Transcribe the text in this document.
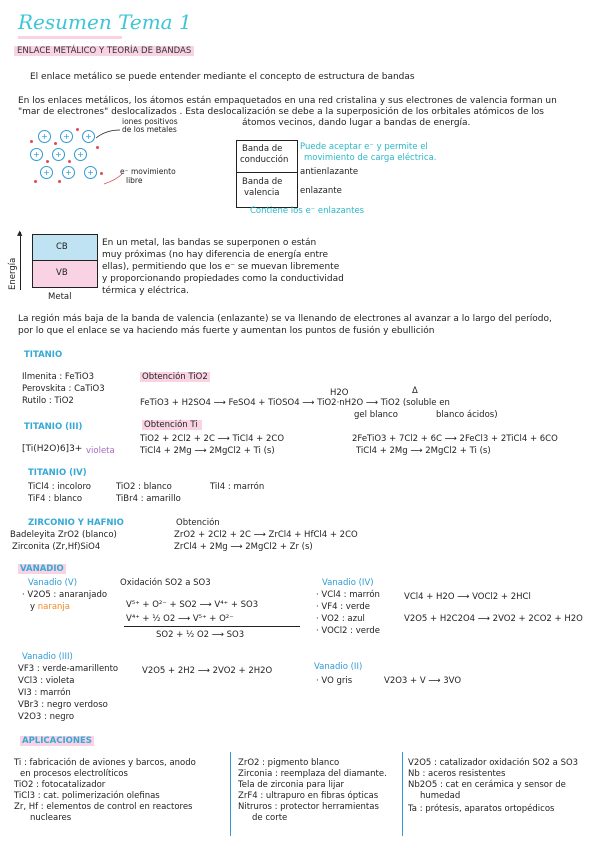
Resumen Tema 1
ENLACE METÁLICO Y TEORÍA DE BANDAS
El enlace metálico se puede entender mediante el concepto de estructura de bandas
En los enlaces metálicos, los átomos están empaquetados en una red cristalina y sus electrones de valencia forman un
"mar de electrones" deslocalizados . Esta deslocalización se debe a la superposición de los orbitales atómicos de los
átomos vecinos, dando lugar a bandas de energía.
+	+	+
+	+	+
+	+	+
iones positivos
de los metales
e⁻ movimiento
libre
Banda de
conducción
Banda de
valencia
Puede aceptar e⁻ y permite el
movimiento de carga eléctrica.
antienlazante
enlazante
Contiene los e⁻ enlazantes
▲
Energía
CB
VB
Metal
En un metal, las bandas se superponen o están
muy próximas (no hay diferencia de energía entre
ellas), permitiendo que los e⁻ se muevan libremente
y proporcionando propiedades como la conductividad
térmica y eléctrica.
La región más baja de la banda de valencia (enlazante) se va llenando de electrones al avanzar a lo largo del período,
por lo que el enlace se va haciendo más fuerte y aumentan los puntos de fusión y ebullición
TITANIO
Ilmenita : FeTiO3
Perovskita : CaTiO3
Rutilo : TiO2
Obtención TiO2
H2O	Δ
FeTiO3 + H2SO4 ⟶ FeSO4 + TiOSO4 ⟶ TiO2·nH2O ⟶ TiO2 (soluble en
gel blanco	blanco ácidos)
TITANIO (III)	Obtención Ti
[Ti(H2O)6]3+ violeta
TiO2 + 2Cl2 + 2C ⟶ TiCl4 + 2CO
TiCl4 + 2Mg ⟶ 2MgCl2 + Ti (s)
2FeTiO3 + 7Cl2 + 6C ⟶ 2FeCl3 + 2TiCl4 + 6CO
TiCl4 + 2Mg ⟶ 2MgCl2 + Ti (s)
TITANIO (IV)
TiCl4 : incoloro
TiF4 : blanco
TiO2 : blanco
TiBr4 : amarillo
TiI4 : marrón
ZIRCONIO Y HAFNIO
Badeleyita ZrO2 (blanco)
Zirconita (Zr,Hf)SiO4
Obtención
ZrO2 + 2Cl2 + 2C ⟶ ZrCl4 + HfCl4 + 2CO
ZrCl4 + 2Mg ⟶ 2MgCl2 + Zr (s)
VANADIO
Vanadio (V)
· V2O5 : anaranjado
y naranja
Oxidación SO2 a SO3
V⁵⁺ + O²⁻ + SO2 ⟶ V⁴⁺ + SO3
V⁴⁺ + ½ O2 ⟶ V⁵⁺ + O²⁻
SO2 + ½ O2 ⟶ SO3
Vanadio (IV)
· VCl4 : marrón
· VF4 : verde
· VO2 : azul
· VOCl2 : verde
VCl4 + H2O ⟶ VOCl2 + 2HCl
V2O5 + H2C2O4 ⟶ 2VO2 + 2CO2 + H2O
Vanadio (III)
VF3 : verde-amarillento
VCl3 : violeta
VI3 : marrón
VBr3 : negro verdoso
V2O3 : negro
V2O5 + 2H2 ⟶ 2VO2 + 2H2O	Vanadio (II)
· VO gris	V2O3 + V ⟶ 3VO
APLICACIONES
Ti : fabricación de aviones y barcos, anodo
en procesos electrolíticos
TiO2 : fotocatalizador
TiCl3 : cat. polimerización olefinas
Zr, Hf : elementos de control en reactores
nucleares
ZrO2 : pigmento blanco
Zirconia : reemplaza del diamante.
Tela de zirconia para lijar
ZrF4 : ultrapuro en fibras ópticas
Nitruros : protector herramientas
de corte
V2O5 : catalizador oxidación SO2 a SO3
Nb : aceros resistentes
Nb2O5 : cat en cerámica y sensor de
humedad
Ta : prótesis, aparatos ortopédicos
